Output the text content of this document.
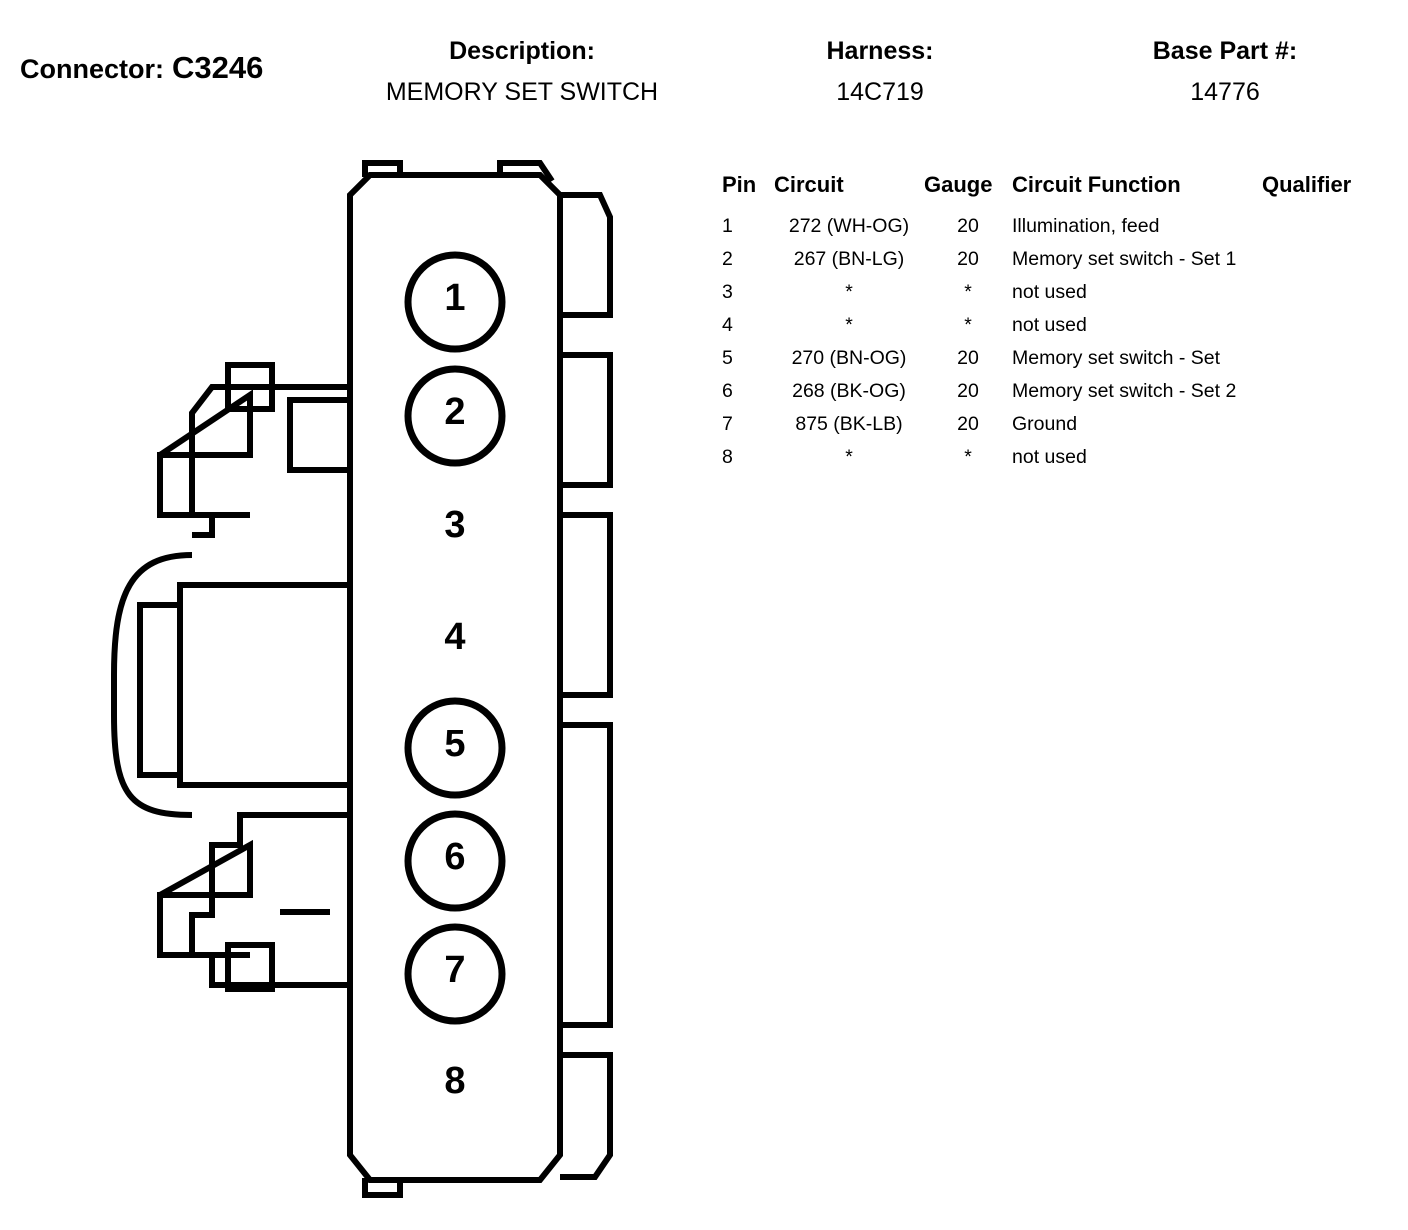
Connector: C3246	Description:
MEMORY SET SWITCH
Harness:
14C719
Base Part #:
14776
1
2
3
4
5
6
7
8
Pin	Circuit	Gauge	Circuit Function	Qualifier
1	272 (WH-OG)	20	Illumination, feed	
2	267 (BN-LG)	20	Memory set switch - Set 1	
3	*	*	not used	
4	*	*	not used	
5	270 (BN-OG)	20	Memory set switch - Set	
6	268 (BK-OG)	20	Memory set switch - Set 2	
7	875 (BK-LB)	20	Ground	
8	*	*	not used	
